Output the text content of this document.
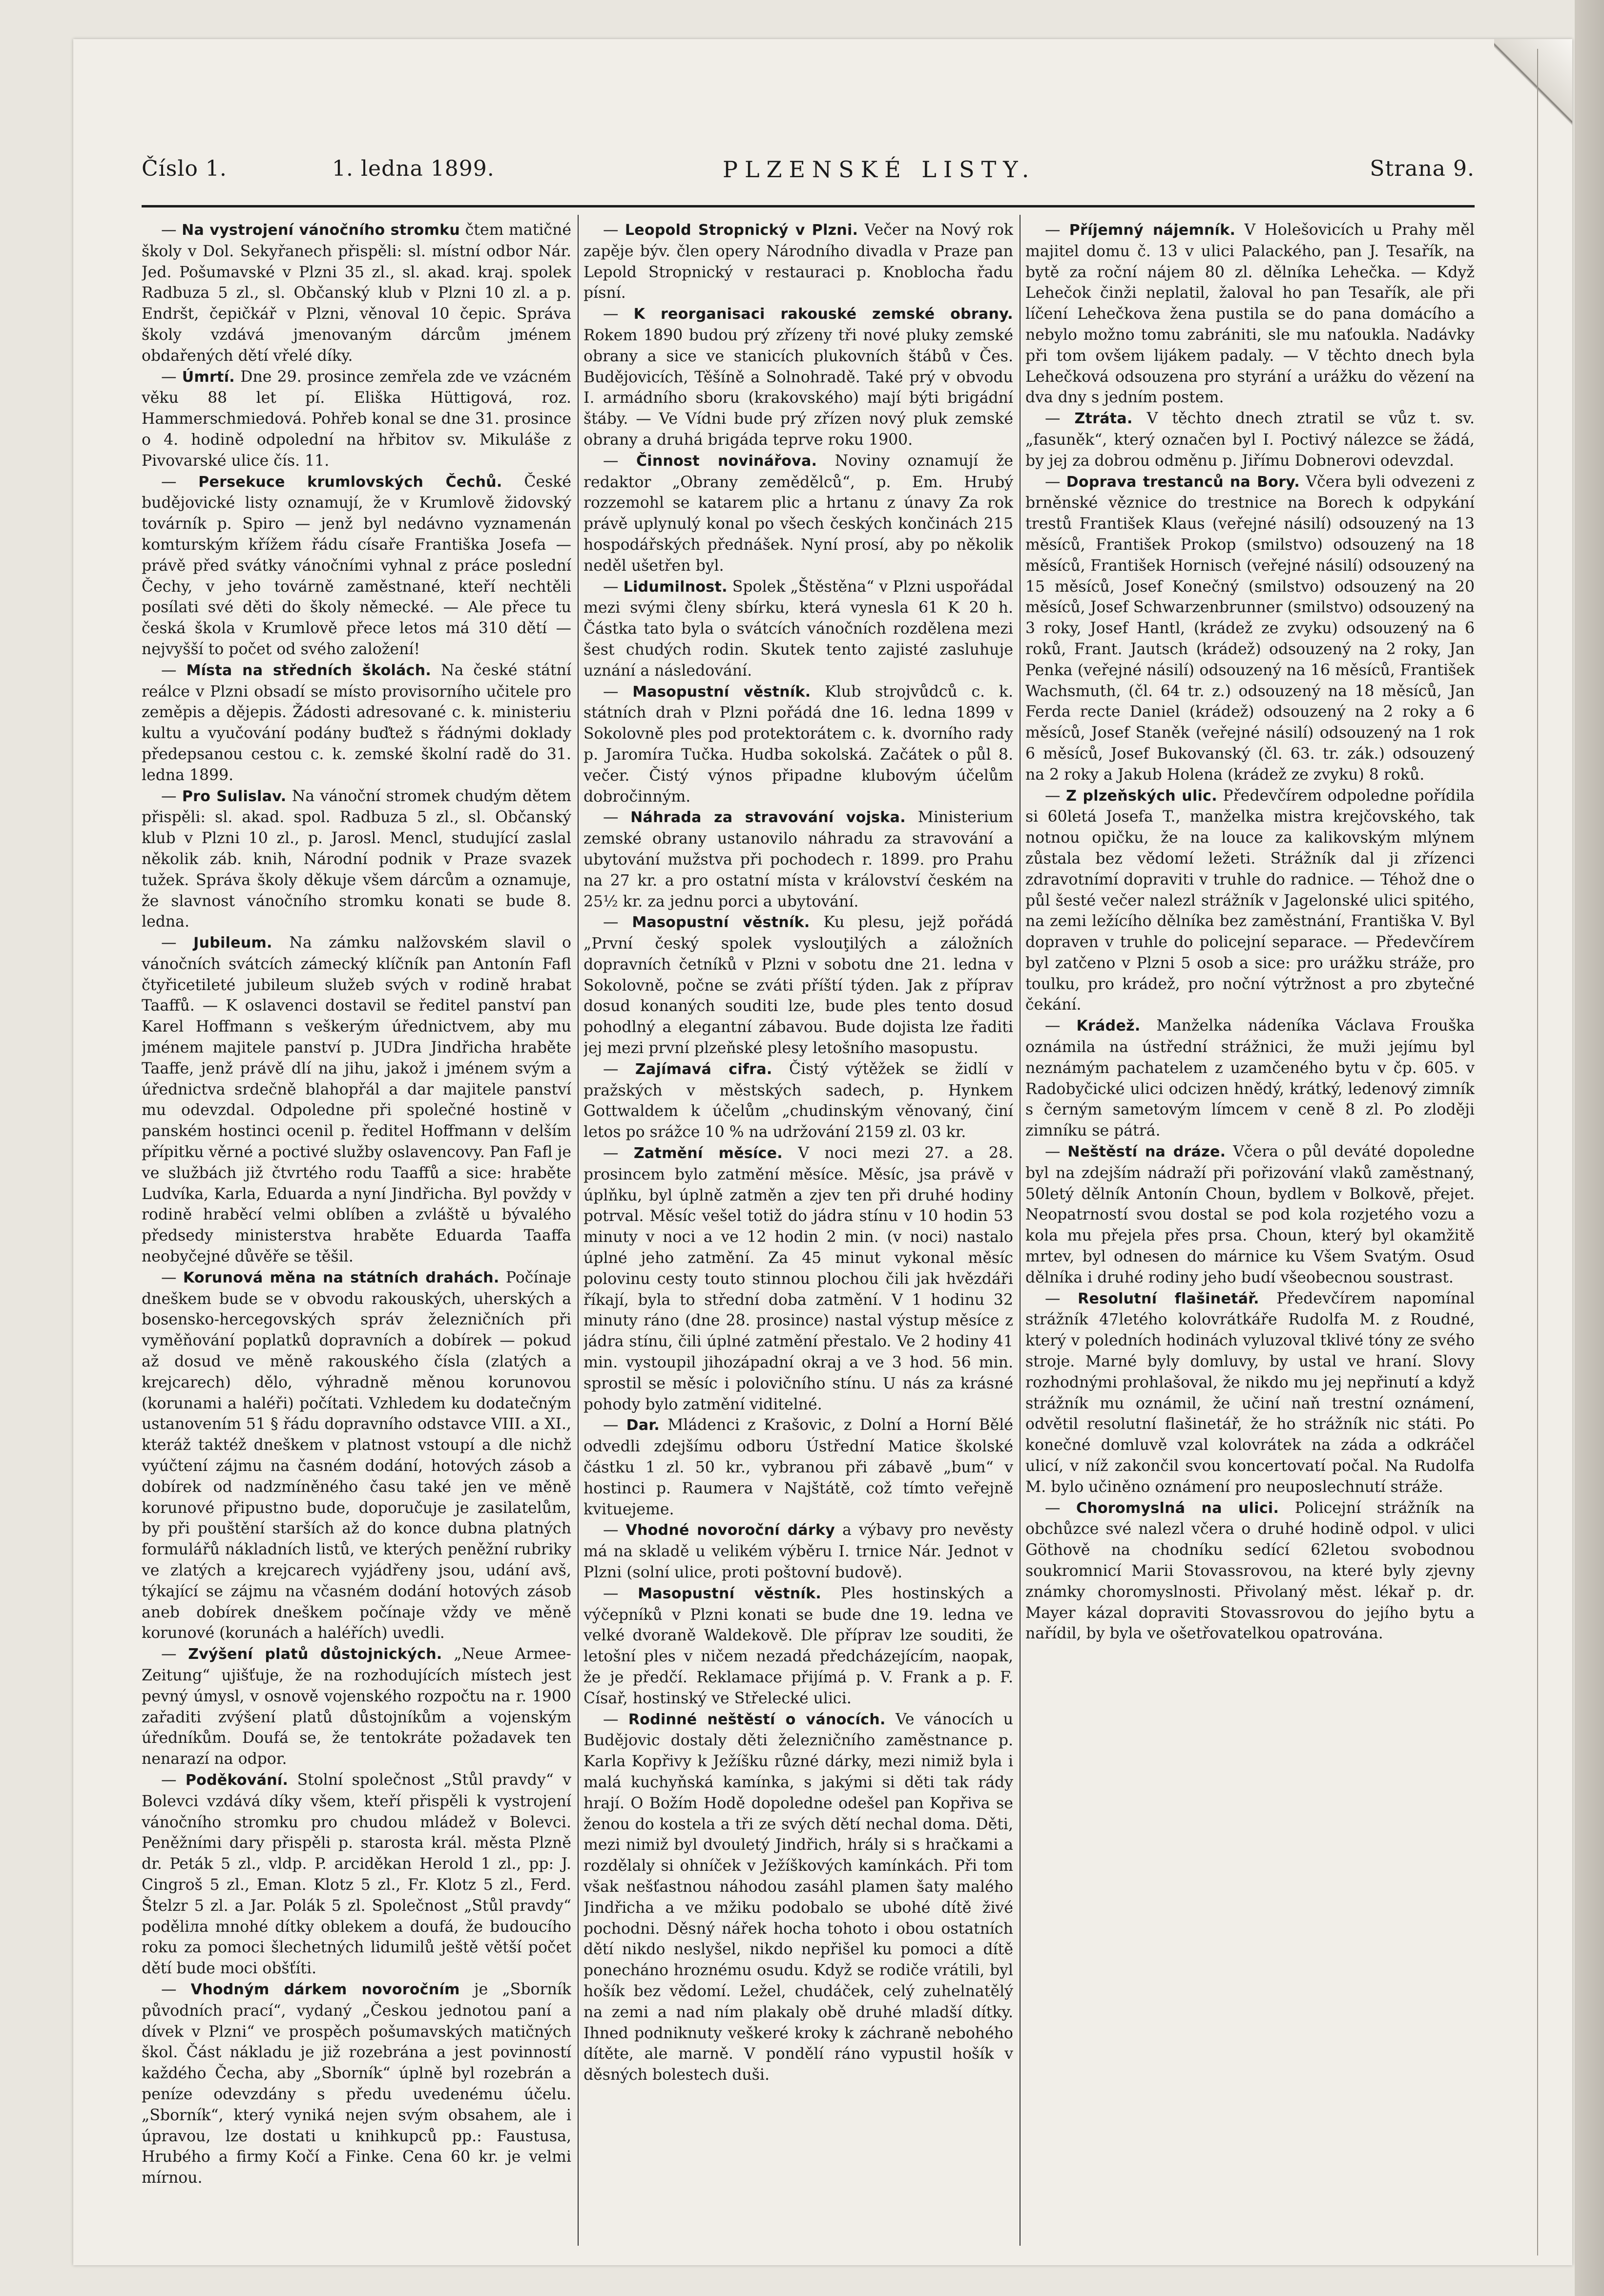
Číslo 1.	1. ledna 1899.	PLZENSKÉ LISTY.	Strana 9.

— Na vystrojení vánočního stromku čtem matičné školy v Dol. Sekyřanech přispěli: sl. místní odbor Nár. Jed. Pošumavské v Plzni 35 zl., sl. akad. kraj. spolek Radbuza 5 zl., sl. Občanský klub v Plzni 10 zl. a p. Endršt, čepičkář v Plzni, věnoval 10 čepic. Správa školy vzdává jmenovaným dárcům jménem obdařených dětí vřelé díky.

— Úmrtí. Dne 29. prosince zemřela zde ve vzácném věku 88 let pí. Eliška Hüttigová, roz. Hammerschmiedová. Pohřeb konal se dne 31. prosince o 4. hodině odpolední na hřbitov sv. Mikuláše z Pivovarské ulice čís. 11.

— Persekuce krumlovských Čechů. České budějovické listy oznamují, že v Krumlově židovský továrník p. Spiro — jenž byl nedávno vyznamenán komturským křížem řádu císaře Františka Josefa — právě před svátky vánočními vyhnal z práce poslední Čechy, v jeho továrně zaměstnané, kteří nechtěli posílati své děti do školy německé. — Ale přece tu česká škola v Krumlově přece letos má 310 dětí — nejvyšší to počet od svého založení!

— Místa na středních školách. Na české státní reálce v Plzni obsadí se místo provisorního učitele pro zeměpis a dějepis. Žádosti adresované c. k. ministeriu kultu a vyučování podány buďtež s řádnými doklady předepsanou cestou c. k. zemské školní radě do 31. ledna 1899.

— Pro Sulislav. Na vánoční stromek chudým dětem přispěli: sl. akad. spol. Radbuza 5 zl., sl. Občanský klub v Plzni 10 zl., p. Jarosl. Mencl, studující zaslal několik záb. knih, Národní podnik v Praze svazek tužek. Správa školy děkuje všem dárcům a oznamuje, že slavnost vánočního stromku konati se bude 8. ledna.

— Jubileum. Na zámku nalžovském slavil o vánočních svátcích zámecký klíčník pan Antonín Fafl čtyřicetileté jubileum služeb svých v rodině hrabat Taaffů. — K oslavenci dostavil se ředitel panství pan Karel Hoffmann s veškerým úřednictvem, aby mu jménem majitele panství p. JUDra Jindřicha hraběte Taaffe, jenž právě dlí na jihu, jakož i jménem svým a úřednictva srdečně blahopřál a dar majitele panství mu odevzdal. Odpoledne při společné hostině v panském hostinci ocenil p. ředitel Hoffmann v delším přípitku věrné a poctivé služby oslavencovy. Pan Fafl je ve službách již čtvrtého rodu Taaffů a sice: hraběte Ludvíka, Karla, Eduarda a nyní Jindřicha. Byl povždy v rodině hraběcí velmi oblíben a zvláště u bývalého předsedy ministerstva hraběte Eduarda Taaffa neobyčejné důvěře se těšil.

— Korunová měna na státních drahách. Počínaje dneškem bude se v obvodu rakouských, uherských a bosensko-hercegovských správ železničních při vyměňování poplatků dopravních a dobírek — pokud až dosud ve měně rakouského čísla (zlatých a krejcarech) dělo, výhradně měnou korunovou (korunami a haléři) počítati. Vzhledem ku dodatečným ustanovením 51 § řádu dopravního odstavce VIII. a XI., kteráž taktéž dneškem v platnost vstoupí a dle nichž vyúčtení zájmu na časném dodání, hotových zásob a dobírek od nadzmíněného času také jen ve měně korunové připustno bude, doporučuje je zasilatelům, by při pouštění starších až do konce dubna platných formulářů nákladních listů, ve kterých peněžní rubriky ve zlatých a krejcarech vyjádřeny jsou, udání avš, týkající se zájmu na včasném dodání hotových zásob aneb dobírek dneškem počínaje vždy ve měně korunové (korunách a haléřích) uvedli.

— Zvýšení platů důstojnických. „Neue Armee-Zeitung“ ujišťuje, že na rozhodujících místech jest pevný úmysl, v osnově vojenského rozpočtu na r. 1900 zařaditi zvýšení platů důstojníkům a vojenským úředníkům. Doufá se, že tentokráte požadavek ten nenarazí na odpor.

— Poděkování. Stolní společnost „Stůl pravdy“ v Bolevci vzdává díky všem, kteří přispěli k vystrojení vánočního stromku pro chudou mládež v Bolevci. Peněžními dary přispěli p. starosta král. města Plzně dr. Peták 5 zl., vldp. P. arciděkan Herold 1 zl., pp: J. Cingroš 5 zl., Eman. Klotz 5 zl., Fr. Klotz 5 zl., Ferd. Štelzr 5 zl. a Jar. Polák 5 zl. Společnost „Stůl pravdy“ poděliла mnohé dítky oblekem a doufá, že budoucího roku za pomoci šlechetných lidumilů ještě větší počet dětí bude moci obšťíti.

— Vhodným dárkem novoročním je „Sborník původních prací“, vydaný „Českou jednotou paní a dívek v Plzni“ ve prospěch pošumavských matičných škol. Část nákladu je již rozebrána a jest povinností každého Čecha, aby „Sborník“ úplně byl rozebrán a peníze odevzdány s předu uvedenému účelu. „Sborník“, který vyniká nejen svým obsahem, ale i úpravou, lze dostati u knihkupců pp.: Faustusa, Hrubého a firmy Kočí a Finke. Cena 60 kr. je velmi mírnou.

— Leopold Stropnický v Plzni. Večer na Nový rok zapěje býv. člen opery Národního divadla v Praze pan Lepold Stropnický v restauraci p. Knoblocha řadu písní.

— K reorganisaci rakouské zemské obrany. Rokem 1890 budou prý zřízeny tři nové pluky zemské obrany a sice ve stanicích plukovních štábů v Čes. Budějovicích, Těšíně a Solnohradě. Také prý v obvodu I. armádního sboru (krakovského) mají býti brigádní štáby. — Ve Vídni bude prý zřízen nový pluk zemské obrany a druhá brigáda teprve roku 1900.

— Činnost novinářova. Noviny oznamují že redaktor „Obrany zemědělců“, p. Em. Hrubý rozzemohl se katarem plic a hrtanu z únavy Za rok právě uplynulý konal po všech českých končinách 215 hospodářských přednášek. Nyní prosí, aby po několik neděl ušetřen byl.

— Lidumilnost. Spolek „Štěstěna“ v Plzni uspořádal mezi svými členy sbírku, která vynesla 61 K 20 h. Částka tato byla o svátcích vánočních rozdělena mezi šest chudých rodin. Skutek tento zajisté zasluhuje uznání a následování.

— Masopustní věstník. Klub strojvůdců c. k. státních drah v Plzni pořádá dne 16. ledna 1899 v Sokolovně ples pod protektorátem c. k. dvorního rady p. Jaromíra Tučka. Hudba sokolská. Začátek o půl 8. večer. Čistý výnos připadne klubovým účelům dobročinným.

— Náhrada za stravování vojska. Ministerium zemské obrany ustanovilo náhradu za stravování a ubytování mužstva při pochodech r. 1899. pro Prahu na 27 kr. a pro ostatní místa v království českém na 25½ kr. za jednu porci a ubytování.

— Masopustní věstník. Ku plesu, jejž pořádá „První český spolek vyslouţilých a záložních dopravních četníků v Plzni v sobotu dne 21. ledna v Sokolovně, počne se zváti příští týden. Jak z příprav dosud konaných souditi lze, bude ples tento dosud pohodlný a elegantní zábavou. Bude dojista lze řaditi jej mezi první plzeňské plesy letošního masopustu.

— Zajímavá cifra. Čistý výtěžek se židlí v pražských v městských sadech, p. Hynkem Gottwaldem k účelům „chudinským věnovaný, činí letos po srážce 10 % na udržování 2159 zl. 03 kr.

— Zatmění měsíce. V noci mezi 27. a 28. prosincem bylo zatmění měsíce. Měsíc, jsa právě v úplňku, byl úplně zatměn a zjev ten při druhé hodiny potrval. Měsíc vešel totiž do jádra stínu v 10 hodin 53 minuty v noci a ve 12 hodin 2 min. (v noci) nastalo úplné jeho zatmění. Za 45 minut vykonal měsíc polovinu cesty touto stinnou plochou čili jak hvězdáři říkají, byla to střední doba zatmění. V 1 hodinu 32 minuty ráno (dne 28. prosince) nastal výstup měsíce z jádra stínu, čili úplné zatmění přestalo. Ve 2 hodiny 41 min. vystoupil jihozápadní okraj a ve 3 hod. 56 min. sprostil se měsíc i polovičního stínu. U nás za krásné pohody bylo zatmění viditelné.

— Dar. Mládenci z Krašovic, z Dolní a Horní Bělé odvedli zdejšímu odboru Ústřední Matice školské částku 1 zl. 50 kr., vybranou při zábavě „bum“ v hostinci p. Raumera v Najštátě, což tímto veřejně kvituejeme.

— Vhodné novoroční dárky a výbavy pro nevěsty má na skladě u velikém výběru I. trnice Nár. Jednot v Plzni (solní ulice, proti poštovní budově).

— Masopustní věstník. Ples hostinských a výčepníků v Plzni konati se bude dne 19. ledna ve velké dvoraně Waldekově. Dle příprav lze souditi, že letošní ples v ničem nezadá předcházejícím, naopak, že je předčí. Reklamace přijímá p. V. Frank a p. F. Císař, hostinský ve Střelecké ulici.

— Rodinné neštěstí o vánocích. Ve vánocích u Budějovic dostaly děti železničního zaměstnance p. Karla Kopřivy k Ježíšku různé dárky, mezi nimiž byla i malá kuchyňská kamínka, s jakými si děti tak rády hrají. O Božím Hodě dopoledne odešel pan Kopřiva se ženou do kostela a tři ze svých dětí nechal doma. Děti, mezi nimiž byl dvouletý Jindřich, hrály si s hračkami a rozdělaly si ohníček v Ježíškových kamínkách. Při tom však nešťastnou náhodou zasáhl plamen šaty malého Jindřicha a ve mžiku podobalo se ubohé dítě živé pochodni. Děsný nářek hocha tohoto i obou ostatních dětí nikdo neslyšel, nikdo nepřišel ku pomoci a dítě ponecháno hroznému osudu. Když se rodiče vrátili, byl hošík bez vědomí. Ležel, chudáček, celý zuhelnatělý na zemi a nad ním plakaly obě druhé mladší dítky. Ihned podniknuty veškeré kroky k záchraně nebohého dítěte, ale marně. V pondělí ráno vypustil hošík v děsných bolestech duši.

— Příjemný nájemník. V Holešovicích u Prahy měl majitel domu č. 13 v ulici Palackého, pan J. Tesařík, na bytě za roční nájem 80 zl. dělníka Lehečka. — Když Lehečok činži neplatil, žaloval ho pan Tesařík, ale při líčení Lehečkova žena pustila se do pana domácího a nebylo možno tomu zabrániti, sle mu naťoukla. Nadávky při tom ovšem lijákem padaly. — V těchto dnech byla Lehečková odsouzena pro styrání a urážku do vězení na dva dny s jedním postem.

— Ztráta. V těchto dnech ztratil se vůz t. sv. „fasuněk“, který označen byl I. Poctivý nálezce se žádá, by jej za dobrou odměnu p. Jiřímu Dobnerovi odevzdal.

— Doprava trestanců na Bory. Včera byli odvezeni z brněnské věznice do trestnice na Borech k odpykání trestů František Klaus (veřejné násilí) odsouzený na 13 měsíců, František Prokop (smilstvo) odsouzený na 18 měsíců, František Hornisch (veřejné násilí) odsouzený na 15 měsíců, Josef Konečný (smilstvo) odsouzený na 20 měsíců, Josef Schwarzenbrunner (smilstvo) odsouzený na 3 roky, Josef Hantl, (krádež ze zvyku) odsouzený na 6 roků, Frant. Jautsch (krádež) odsouzený na 2 roky, Jan Penka (veřejné násilí) odsouzený na 16 měsíců, František Wachsmuth, (čl. 64 tr. z.) odsouzený na 18 měsíců, Jan Ferda recte Daniel (krádež) odsouzený na 2 roky a 6 měsíců, Josef Staněk (veřejné násilí) odsouzený na 1 rok 6 měsíců, Josef Bukovanský (čl. 63. tr. zák.) odsouzený na 2 roky a Jakub Holena (krádež ze zvyku) 8 roků.

— Z plzeňských ulic. Předevčírem odpoledne pořídila si 60letá Josefa T., manželka mistra krejčovského, tak notnou opičku, že na louce za kalikovským mlýnem zůstala bez vědomí ležeti. Strážník dal ji zřízenci zdravotnímí dopraviti v truhle do radnice. — Téhož dne o půl šesté večer nalezl strážník v Jagelonské ulici spitého, na zemi ležícího dělníka bez zaměstnání, Františka V. Byl dopraven v truhle do policejní separace. — Předevčírem byl zatčeno v Plzni 5 osob a sice: pro urážku stráže, pro toulku, pro krádež, pro noční výtržnost a pro zbytečné čekání.

— Krádež. Manželka nádeníka Václava Frouška oznámila na ústřední strážnici, že muži jejímu byl neznámým pachatelem z uzamčeného bytu v čp. 605. v Radobyčické ulici odcizen hnědý, krátký, ledenový zimník s černým sametovým límcem v ceně 8 zl. Po zloději zimníku se pátrá.

— Neštěstí na dráze. Včera o půl deváté dopoledne byl na zdejším nádraží při pořizování vlaků zaměstnaný, 50letý dělník Antonín Choun, bydlem v Bolkově, přejet. Neopatrností svou dostal se pod kola rozjetého vozu a kola mu přejela přes prsa. Choun, který byl okamžitě mrtev, byl odnesen do márnice ku Všem Svatým. Osud dělníka i druhé rodiny jeho budí všeobecnou soustrast.

— Resolutní flašinetář. Předevčírem napomínal strážník 47letého kolovrátkáře Rudolfa M. z Roudné, který v poledních hodinách vyluzoval tklivé tóny ze svého stroje. Marné byly domluvy, by ustal ve hraní. Slovy rozhodnými prohlašoval, že nikdo mu jej nepřinutí a když strážník mu oznámil, že učiní naň trestní oznámení, odvětil resolutní flašinetář, že ho strážník nic státi. Po konečné domluvě vzal kolovrátek na záda a odkráčel ulicí, v níž zakončil svou koncertovatí počal. Na Rudolfa M. bylo učiněno oznámení pro neuposlechnutí stráže.

— Choromyslná na ulici. Policejní strážník na obchůzce své nalezl včera o druhé hodině odpol. v ulici Göthově na chodníku sedící 62letou svobodnou soukromnicí Marii Stovassrovou, na které byly zjevny známky choromyslnosti. Přivolaný měst. lékař p. dr. Mayer kázal dopraviti Stovassrovou do jejího bytu a nařídil, by byla ve ošetřovatelkou opatrována.
